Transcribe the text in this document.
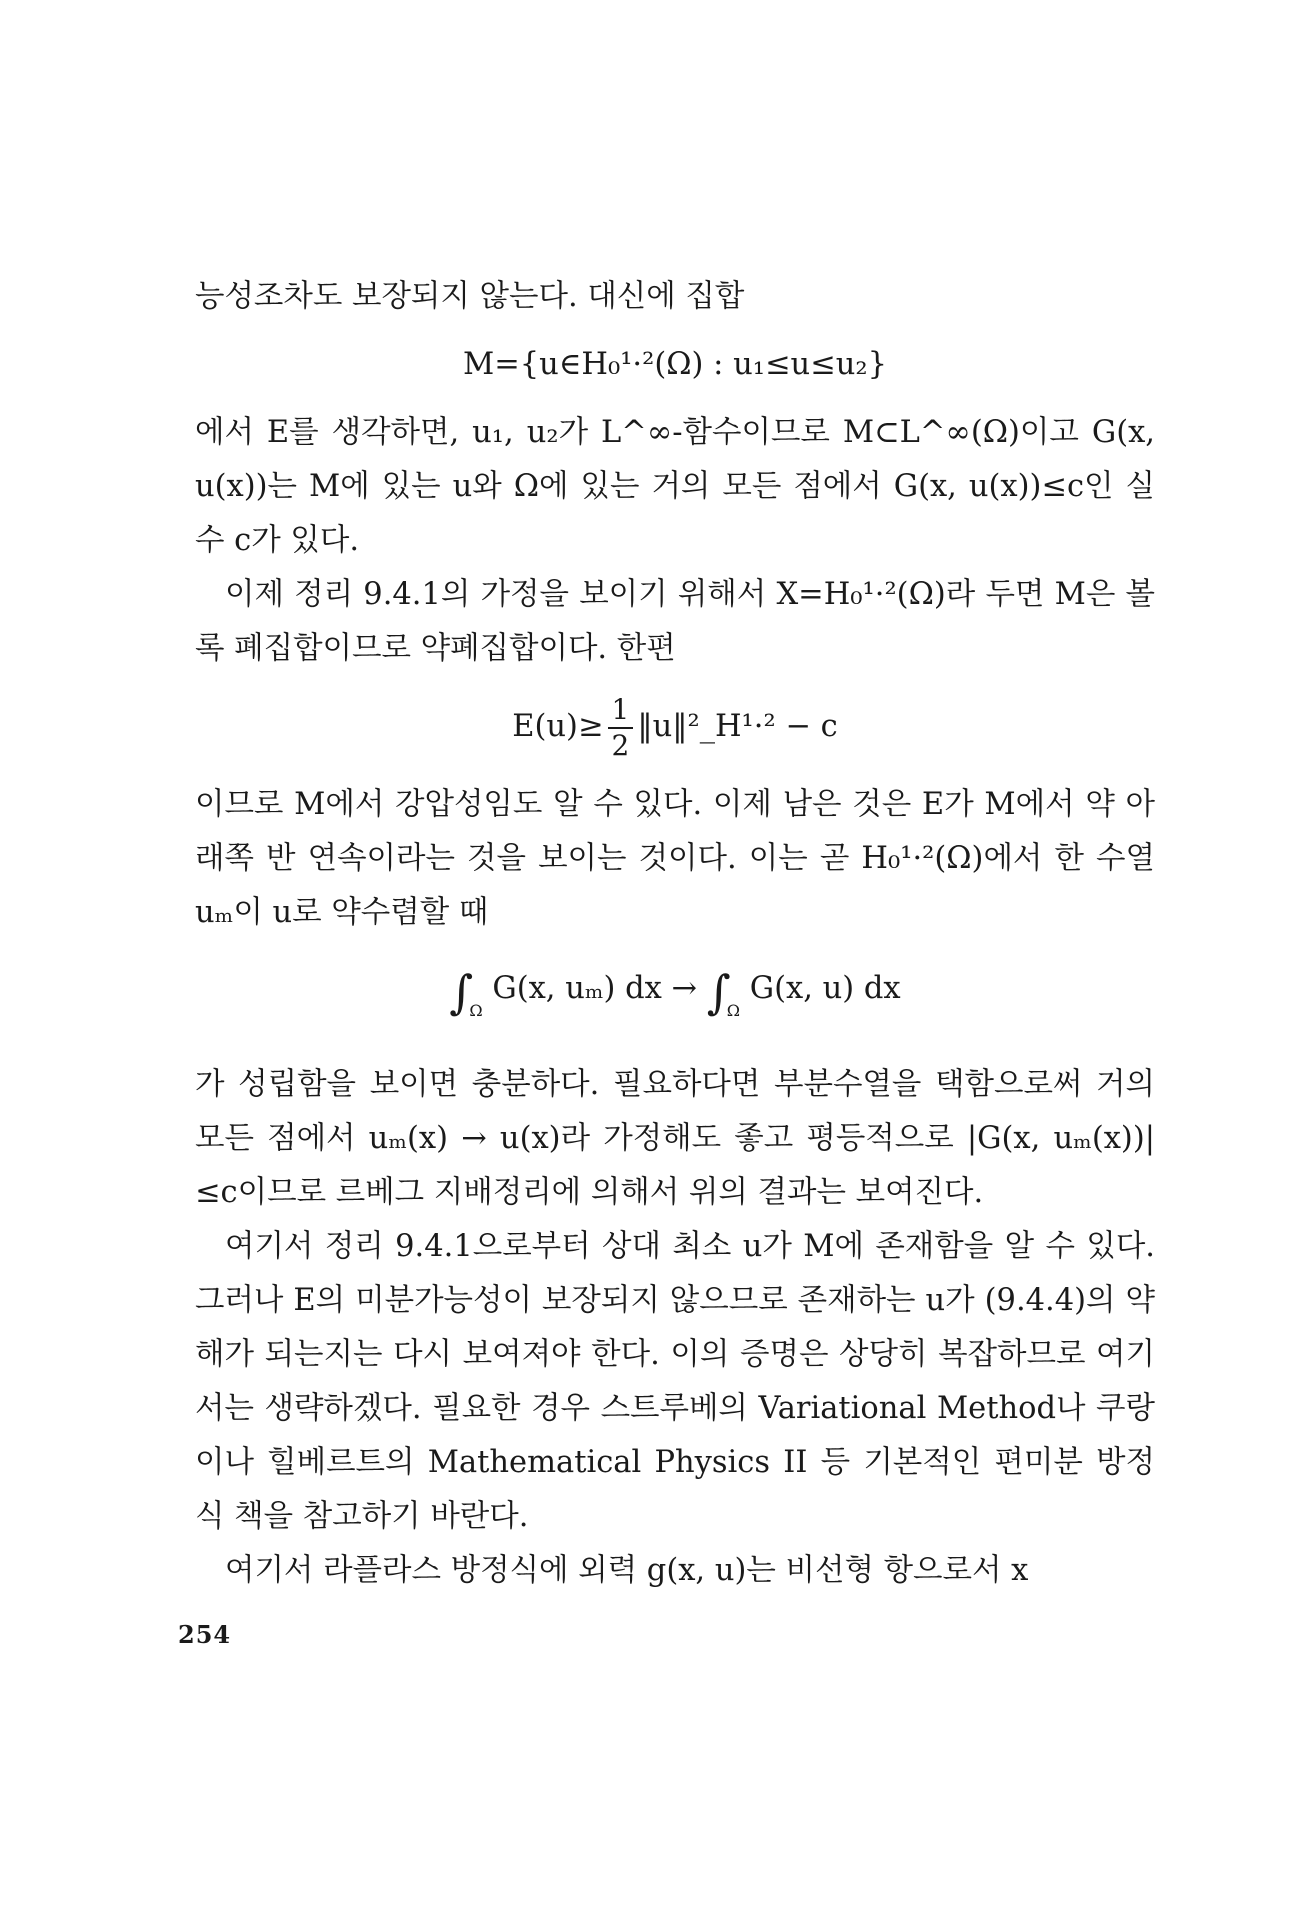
능성조차도 보장되지 않는다. 대신에 집합

M={u∈H₀¹·²(Ω) : u₁≤u≤u₂}

에서 E를 생각하면, u₁, u₂가 L^∞-함수이므로 M⊂L^∞(Ω)이고 G(x, u(x))는 M에 있는 u와 Ω에 있는 거의 모든 점에서 G(x, u(x))≤c인 실수 c가 있다.

이제 정리 9.4.1의 가정을 보이기 위해서 X=H₀¹·²(Ω)라 두면 M은 볼록 폐집합이므로 약폐집합이다. 한편

$E(u)\ge \frac{1}{2}$ ‖u‖²_H¹·² − c

이므로 M에서 강압성임도 알 수 있다. 이제 남은 것은 E가 M에서 약 아래쪽 반 연속이라는 것을 보이는 것이다. 이는 곧 H₀¹·²(Ω)에서 한 수열 uₘ이 u로 약수렴할 때

$\int_\Omega$ G(x, uₘ) dx → $\int_\Omega$ G(x, u) dx

가 성립함을 보이면 충분하다. 필요하다면 부분수열을 택함으로써 거의 모든 점에서 uₘ(x) → u(x)라 가정해도 좋고 평등적으로 |G(x, uₘ(x))|≤c이므로 르베그 지배정리에 의해서 위의 결과는 보여진다.

여기서 정리 9.4.1으로부터 상대 최소 u가 M에 존재함을 알 수 있다. 그러나 E의 미분가능성이 보장되지 않으므로 존재하는 u가 (9.4.4)의 약해가 되는지는 다시 보여져야 한다. 이의 증명은 상당히 복잡하므로 여기서는 생략하겠다. 필요한 경우 스트루베의 Variational Method나 쿠랑이나 힐베르트의 Mathematical Physics II 등 기본적인 편미분 방정식 책을 참고하기 바란다.

여기서 라플라스 방정식에 외력 g(x, u)는 비선형 항으로서 x

254
